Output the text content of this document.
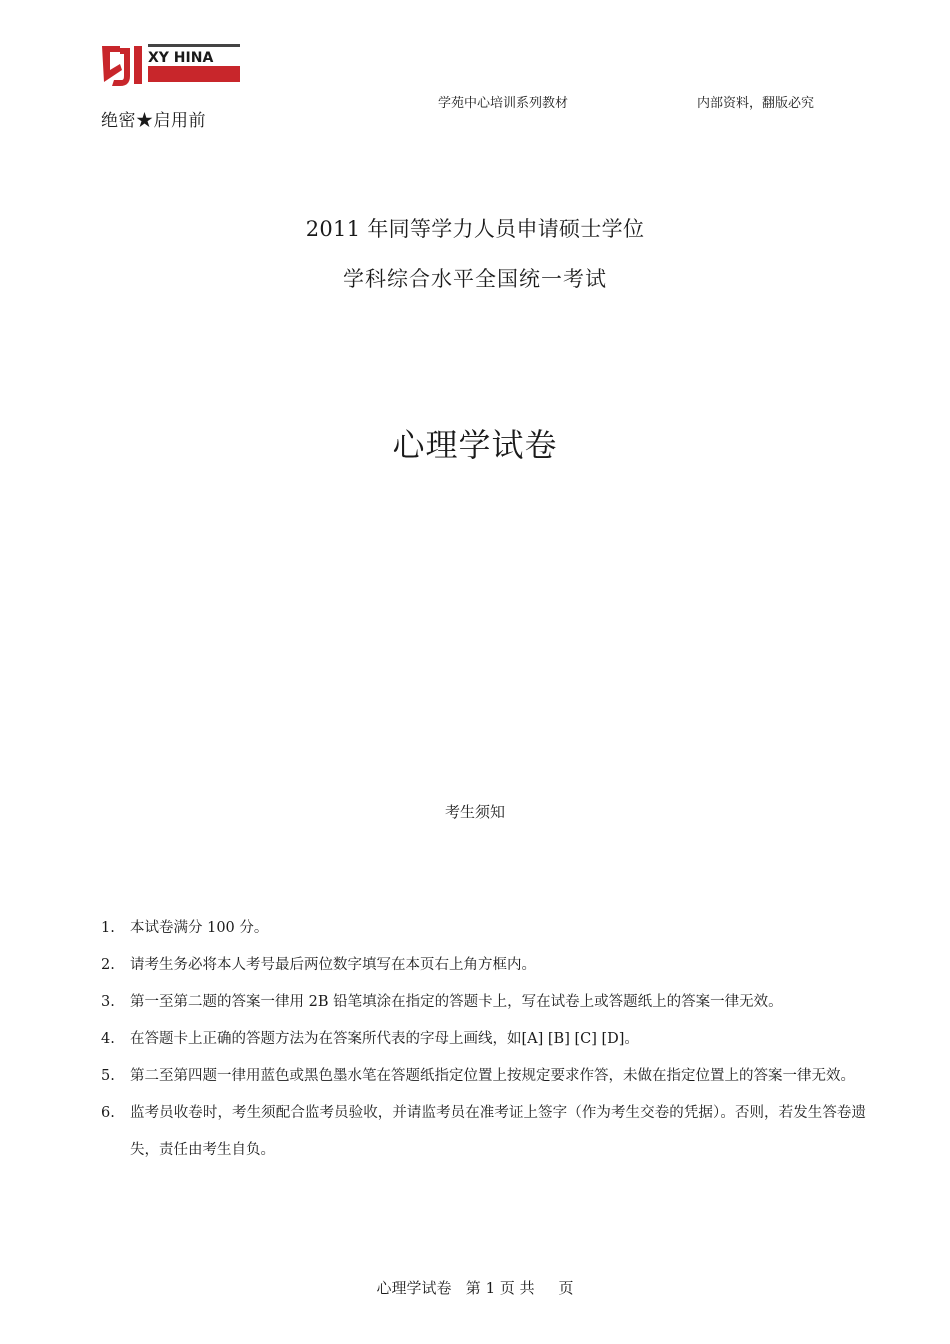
XY HINA
绝密★启用前
学苑中心培训系列教材	内部资料，翻版必究
2011 年同等学力人员申请硕士学位
学科综合水平全国统一考试
心理学试卷
考生须知
1. 本试卷满分 100 分。
2. 请考生务必将本人考号最后两位数字填写在本页右上角方框内。
3. 第一至第二题的答案一律用 2B 铅笔填涂在指定的答题卡上，写在试卷上或答题纸上的答案一律无效。
4. 在答题卡上正确的答题方法为在答案所代表的字母上画线，如[A] [B] [C] [D]。
5. 第二至第四题一律用蓝色或黑色墨水笔在答题纸指定位置上按规定要求作答，未做在指定位置上的答案一律无效。
6. 监考员收卷时，考生须配合监考员验收，并请监考员在准考证上签字（作为考生交卷的凭据）。否则，若发生答卷遗失，责任由考生自负。
心理学试卷   第 1 页 共     页
